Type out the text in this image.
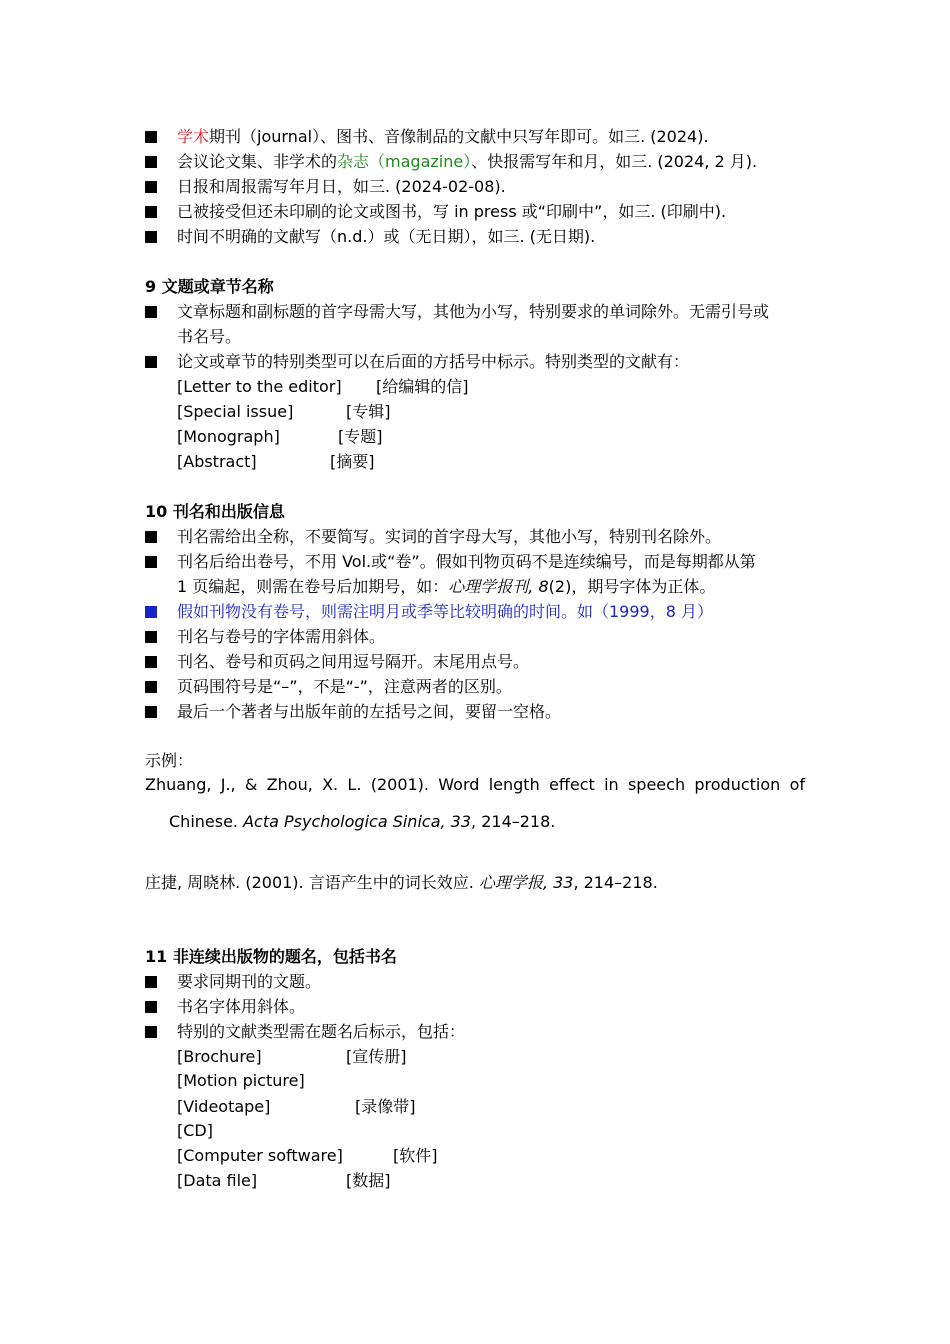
学术期刊（journal）、图书、音像制品的文献中只写年即可。如三. (2024).
会议论文集、非学术的杂志（magazine）、快报需写年和月，如三. (2024, 2 月).
日报和周报需写年月日，如三. (2024-02-08).
已被接受但还未印刷的论文或图书，写 in press 或“印刷中”，如三. (印刷中).
时间不明确的文献写（n.d.）或（无日期），如三. (无日期).
9 文题或章节名称
文章标题和副标题的首字母需大写，其他为小写，特别要求的单词除外。无需引号或
书名号。
论文或章节的特别类型可以在后面的方括号中标示。特别类型的文献有：
[Letter to the editor] [给编辑的信]
[Special issue]	[专辑]
[Monograph]	[专题]
[Abstract]	[摘要]
10 刊名和出版信息
刊名需给出全称，不要简写。实词的首字母大写，其他小写，特别刊名除外。
刊名后给出卷号，不用 Vol.或“卷”。假如刊物页码不是连续编号，而是每期都从第
1 页编起，则需在卷号后加期号，如：心理学报刊, 8(2)，期号字体为正体。
假如刊物没有卷号，则需注明月或季等比较明确的时间。如（1999，8 月）
刊名与卷号的字体需用斜体。
刊名、卷号和页码之间用逗号隔开。末尾用点号。
页码围符号是“–”，不是“-”，注意两者的区别。
最后一个著者与出版年前的左括号之间，要留一空格。
示例：
Zhuang, J., & Zhou, X. L. (2001). Word length effect in speech production of
Chinese. Acta Psychologica Sinica, 33, 214–218.
庄捷, 周晓林. (2001). 言语产生中的词长效应. 心理学报, 33, 214–218.
11 非连续出版物的题名，包括书名
要求同期刊的文题。
书名字体用斜体。
特别的文献类型需在题名后标示，包括：
[Brochure]	[宣传册]
[Motion picture]
[Videotape]	[录像带]
[CD]
[Computer software]	[软件]
[Data file]	[数据]
